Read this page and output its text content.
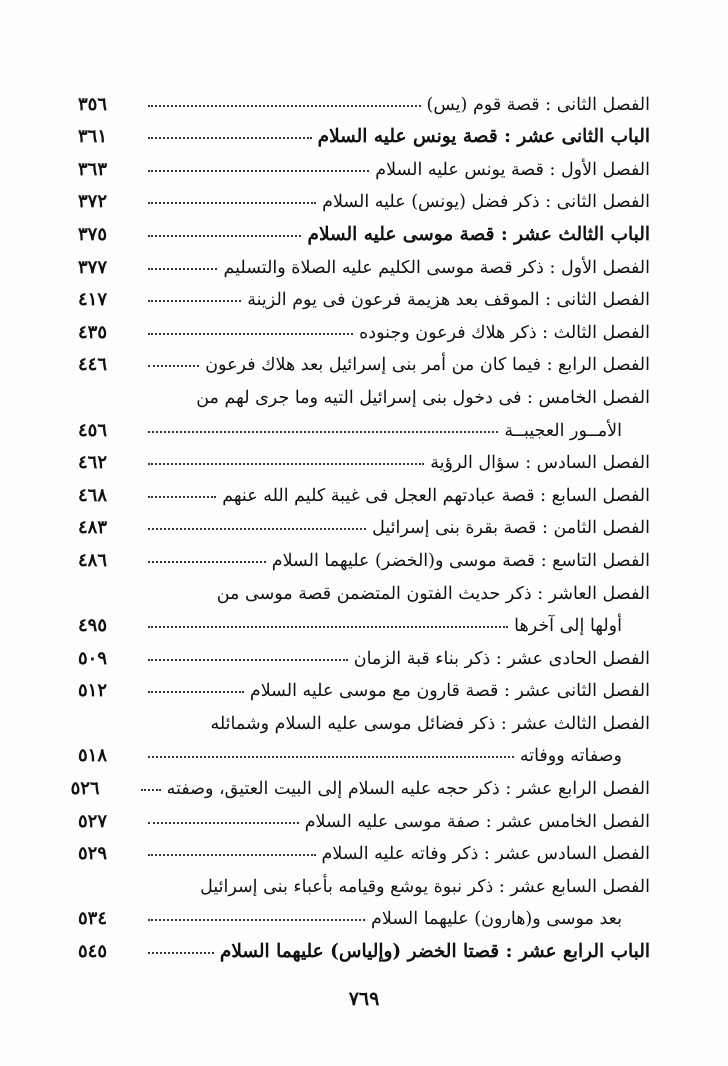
الفصل الثانى : قصة قوم (يس)
٣٥٦
الباب الثانى عشر : قصة يونس عليه السلام
٣٦١
الفصل الأول : قصة يونس عليه السلام
٣٦٣
الفصل الثانى : ذكر فضل (يونس) عليه السلام
٣٧٢
الباب الثالث عشر : قصة موسى عليه السلام
٣٧٥
الفصل الأول : ذكر قصة موسى الكليم عليه الصلاة والتسليم
٣٧٧
الفصل الثانى : الموقف بعد هزيمة فرعون فى يوم الزينة
٤١٧
الفصل الثالث : ذكر هلاك فرعون وجنوده
٤٣٥
الفصل الرابع : فيما كان من أمر بنى إسرائيل بعد هلاك فرعون
٤٤٦
الفصل الخامس : فى دخول بنى إسرائيل التيه وما جرى لهم من
الأمــور العجيبــة
٤٥٦
الفصل السادس : سؤال الرؤية
٤٦٢
الفصل السابع : قصة عبادتهم العجل فى غيبة كليم الله عنهم
٤٦٨
الفصل الثامن : قصة بقرة بنى إسرائيل
٤٨٣
الفصل التاسع : قصة موسى و(الخضر) عليهما السلام
٤٨٦
الفصل العاشر : ذكر حديث الفتون المتضمن قصة موسى من
أولها إلى آخرها
٤٩٥
الفصل الحادى عشر : ذكر بناء قبة الزمان
٥٠٩
الفصل الثانى عشر : قصة قارون مع موسى عليه السلام
٥١٢
الفصل الثالث عشر : ذكر فضائل موسى عليه السلام وشمائله
وصفاته ووفاته
٥١٨
الفصل الرابع عشر : ذكر حجه عليه السلام إلى البيت العتيق، وصفته
٥٢٦
الفصل الخامس عشر : صفة موسى عليه السلام
٥٢٧
الفصل السادس عشر : ذكر وفاته عليه السلام
٥٢٩
الفصل السابع عشر : ذكر نبوة يوشع وقيامه بأعباء بنى إسرائيل
بعد موسى و(هارون) عليهما السلام
٥٣٤
الباب الرابع عشر : قصتا الخضر (وإلياس) عليهما السلام
٥٤٥
٧٦٩
